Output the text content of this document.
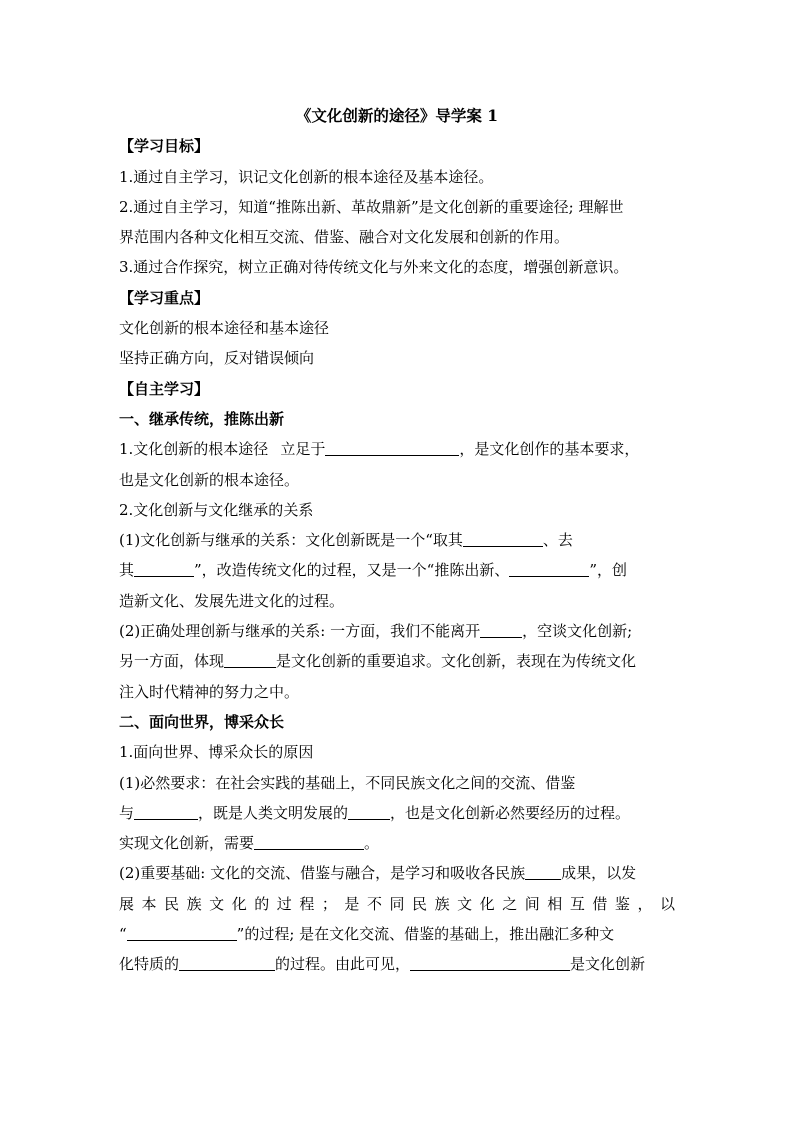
《文化创新的途径》导学案 1
【学习目标】
1.通过自主学习，识记文化创新的根本途径及基本途径。
2.通过自主学习，知道“推陈出新、革故鼎新”是文化创新的重要途径; 理解世
界范围内各种文化相互交流、借鉴、融合对文化发展和创新的作用。
3.通过合作探究，树立正确对待传统文化与外来文化的态度，增强创新意识。
【学习重点】
文化创新的根本途径和基本途径
坚持正确方向，反对错误倾向
【自主学习】
一、继承传统，推陈出新
1.文化创新的根本途径 立足于	，是文化创作的基本要求，
也是文化创新的根本途径。
2.文化创新与文化继承的关系
(1)文化创新与继承的关系：文化创新既是一个“取其	、去
其	”，改造传统文化的过程，又是一个“推陈出新、	”，创
造新文化、发展先进文化的过程。
(2)正确处理创新与继承的关系: 一方面，我们不能离开	，空谈文化创新;
另一方面，体现	是文化创新的重要追求。文化创新，表现在为传统文化
注入时代精神的努力之中。
二、面向世界，博采众长
1.面向世界、博采众长的原因
(1)必然要求：在社会实践的基础上，不同民族文化之间的交流、借鉴
与	，既是人类文明发展的	，也是文化创新必然要经历的过程。
实现文化创新，需要	。
(2)重要基础: 文化的交流、借鉴与融合，是学习和吸收各民族 成果，以发
展本民族文化的过程；是不同民族文化之间相互借鉴，以
“	”的过程; 是在文化交流、借鉴的基础上，推出融汇多种文
化特质的	的过程。由此可见，	是文化创新
